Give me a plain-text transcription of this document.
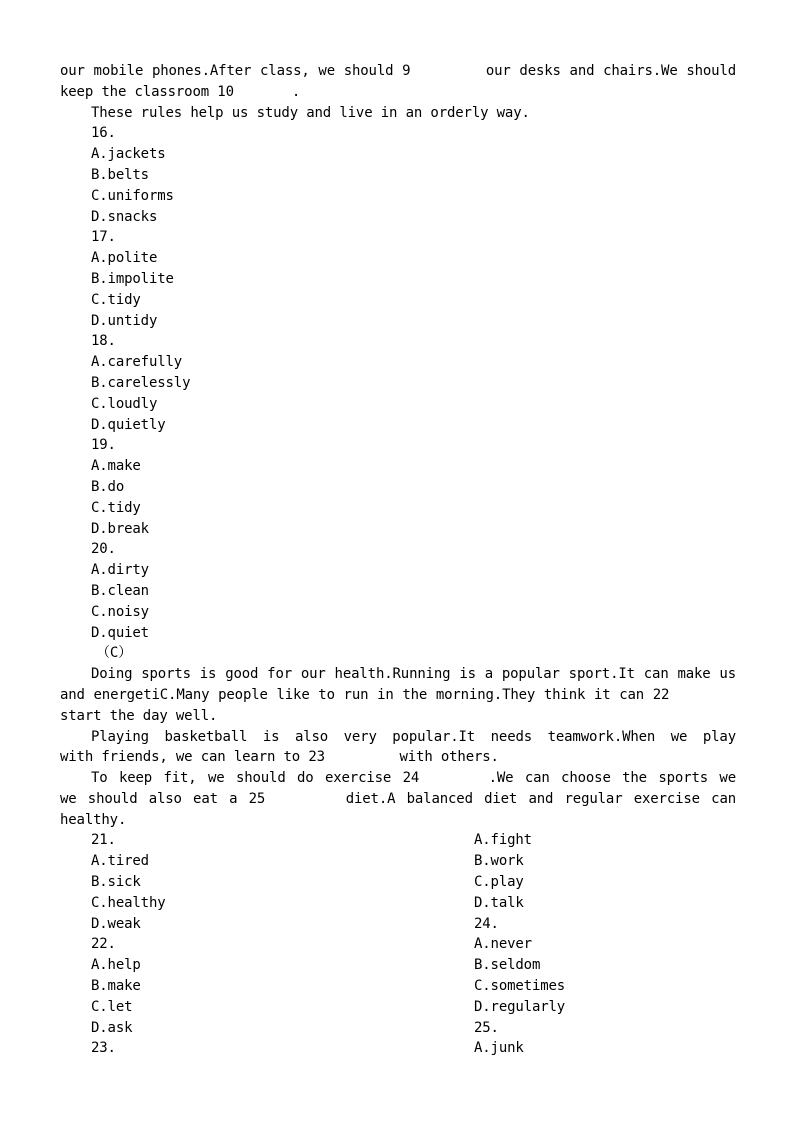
our mobile phones.After class, we should 9	our desks and chairs.We should
keep the classroom 10	.
These rules help us study and live in an orderly way.
16.
A.jackets
B.belts
C.uniforms
D.snacks
17.
A.polite
B.impolite
C.tidy
D.untidy
18.
A.carefully
B.carelessly
C.loudly
D.quietly
19.
A.make
B.do
C.tidy
D.break
20.
A.dirty
B.clean
C.noisy
D.quiet
（C）
Doing sports is good for our health.Running is a popular sport.It can make us
and energetiC.Many people like to run in the morning.They think it can 22
start the day well.
Playing basketball is also very popular.It needs teamwork.When we play
with friends, we can learn to 23	with others.
To keep fit, we should do exercise 24	.We can choose the sports we
we should also eat a 25	diet.A balanced diet and regular exercise can
healthy.
21.
A.tired
B.sick
C.healthy
D.weak
22.
A.help
B.make
C.let
D.ask
23.
A.fight
B.work
C.play
D.talk
24.
A.never
B.seldom
C.sometimes
D.regularly
25.
A.junk
